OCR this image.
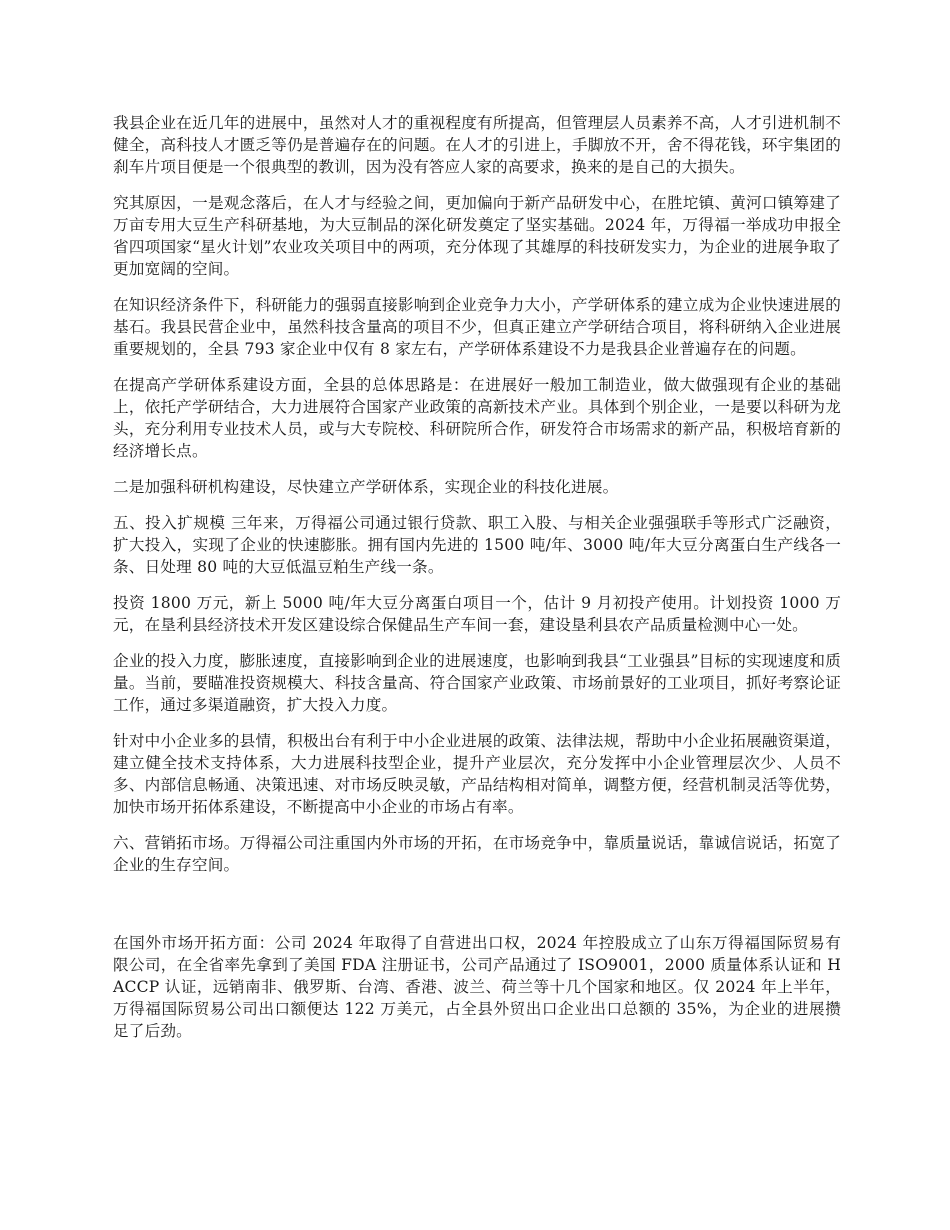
我县企业在近几年的进展中，虽然对人才的重视程度有所提高，但管理层人员素养不高，人才引进机制不健全，高科技人才匮乏等仍是普遍存在的问题。在人才的引进上，手脚放不开，舍不得花钱，环宇集团的刹车片项目便是一个很典型的教训，因为没有答应人家的高要求，换来的是自己的大损失。

究其原因，一是观念落后，在人才与经验之间，更加偏向于新产品研发中心，在胜坨镇、黄河口镇筹建了万亩专用大豆生产科研基地，为大豆制品的深化研发奠定了坚实基础。2024 年，万得福一举成功申报全省四项国家“星火计划”农业攻关项目中的两项，充分体现了其雄厚的科技研发实力，为企业的进展争取了更加宽阔的空间。

在知识经济条件下，科研能力的强弱直接影响到企业竞争力大小，产学研体系的建立成为企业快速进展的基石。我县民营企业中，虽然科技含量高的项目不少，但真正建立产学研结合项目，将科研纳入企业进展重要规划的，全县 793 家企业中仅有 8 家左右，产学研体系建设不力是我县企业普遍存在的问题。

在提高产学研体系建设方面，全县的总体思路是：在进展好一般加工制造业，做大做强现有企业的基础上，依托产学研结合，大力进展符合国家产业政策的高新技术产业。具体到个别企业，一是要以科研为龙头，充分利用专业技术人员，或与大专院校、科研院所合作，研发符合市场需求的新产品，积极培育新的经济增长点。

二是加强科研机构建设，尽快建立产学研体系，实现企业的科技化进展。

五、投入扩规模 三年来，万得福公司通过银行贷款、职工入股、与相关企业强强联手等形式广泛融资，扩大投入，实现了企业的快速膨胀。拥有国内先进的 1500 吨/年、3000 吨/年大豆分离蛋白生产线各一条、日处理 80 吨的大豆低温豆粕生产线一条。

投资 1800 万元，新上 5000 吨/年大豆分离蛋白项目一个，估计 9 月初投产使用。计划投资 1000 万元，在垦利县经济技术开发区建设综合保健品生产车间一套，建设垦利县农产品质量检测中心一处。

企业的投入力度，膨胀速度，直接影响到企业的进展速度，也影响到我县“工业强县”目标的实现速度和质量。当前，要瞄准投资规模大、科技含量高、符合国家产业政策、市场前景好的工业项目，抓好考察论证工作，通过多渠道融资，扩大投入力度。

针对中小企业多的县情，积极出台有利于中小企业进展的政策、法律法规，帮助中小企业拓展融资渠道，建立健全技术支持体系，大力进展科技型企业，提升产业层次，充分发挥中小企业管理层次少、人员不多、内部信息畅通、决策迅速、对市场反映灵敏，产品结构相对简单，调整方便，经营机制灵活等优势，加快市场开拓体系建设，不断提高中小企业的市场占有率。

六、营销拓市场。万得福公司注重国内外市场的开拓，在市场竞争中，靠质量说话，靠诚信说话，拓宽了企业的生存空间。

在国外市场开拓方面：公司 2024 年取得了自营进出口权，2024 年控股成立了山东万得福国际贸易有限公司，在全省率先拿到了美国 FDA 注册证书，公司产品通过了 ISO9001，2000 质量体系认证和 HACCP 认证，远销南非、俄罗斯、台湾、香港、波兰、荷兰等十几个国家和地区。仅 2024 年上半年，万得福国际贸易公司出口额便达 122 万美元，占全县外贸出口企业出口总额的 35%，为企业的进展攒足了后劲。
